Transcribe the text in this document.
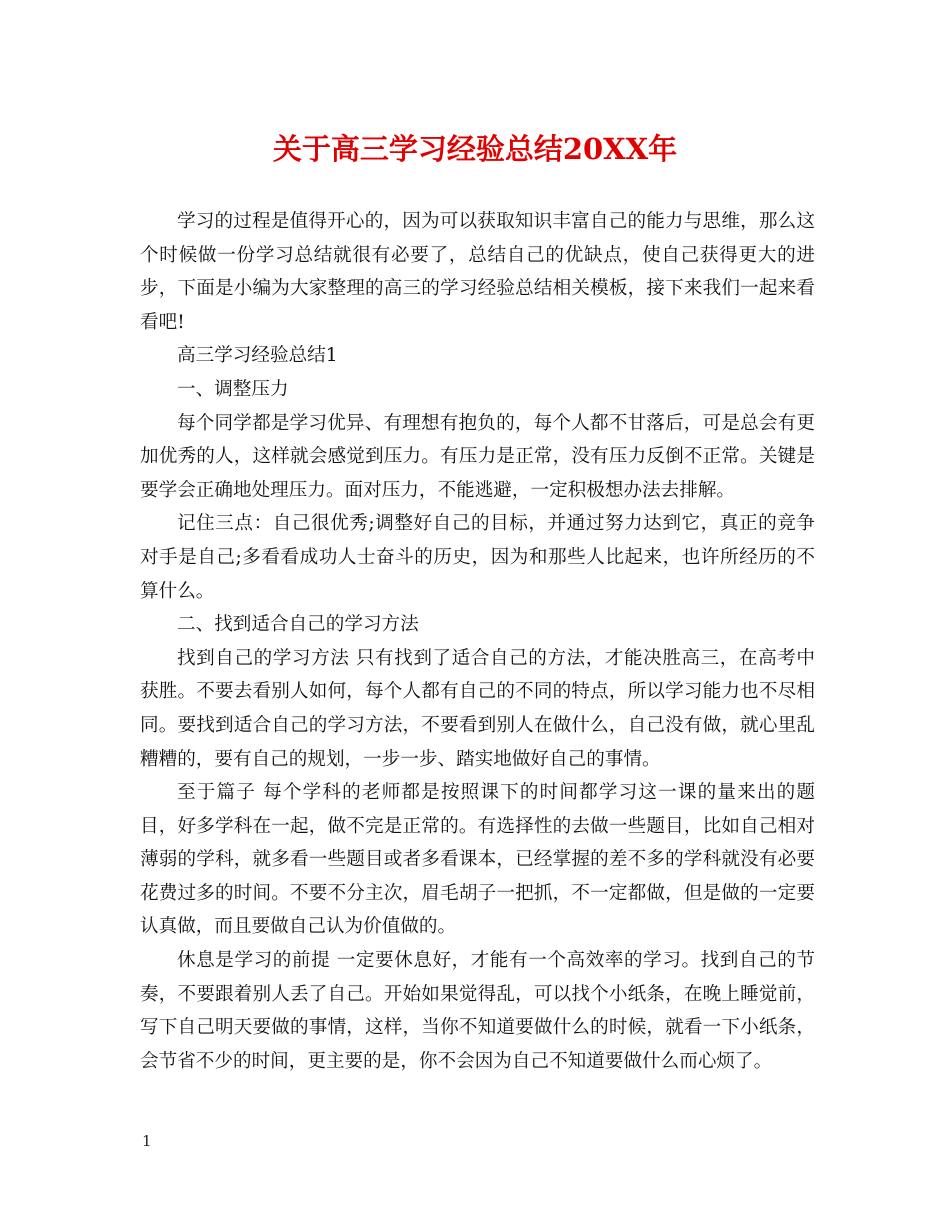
关于高三学习经验总结20XX年

学习的过程是值得开心的，因为可以获取知识丰富自己的能力与思维，那么这个时候做一份学习总结就很有必要了，总结自己的优缺点，使自己获得更大的进步，下面是小编为大家整理的高三的学习经验总结相关模板，接下来我们一起来看看吧!

高三学习经验总结1

一、调整压力

每个同学都是学习优异、有理想有抱负的，每个人都不甘落后，可是总会有更加优秀的人，这样就会感觉到压力。有压力是正常，没有压力反倒不正常。关键是要学会正确地处理压力。面对压力，不能逃避，一定积极想办法去排解。

记住三点：自己很优秀;调整好自己的目标，并通过努力达到它，真正的竞争对手是自己;多看看成功人士奋斗的历史，因为和那些人比起来，也许所经历的不算什么。

二、找到适合自己的学习方法

找到自己的学习方法 只有找到了适合自己的方法，才能决胜高三，在高考中获胜。不要去看别人如何，每个人都有自己的不同的特点，所以学习能力也不尽相同。要找到适合自己的学习方法，不要看到别人在做什么，自己没有做，就心里乱糟糟的，要有自己的规划，一步一步、踏实地做好自己的事情。

至于篇子 每个学科的老师都是按照课下的时间都学习这一课的量来出的题目，好多学科在一起，做不完是正常的。有选择性的去做一些题目，比如自己相对薄弱的学科，就多看一些题目或者多看课本，已经掌握的差不多的学科就没有必要花费过多的时间。不要不分主次，眉毛胡子一把抓，不一定都做，但是做的一定要认真做，而且要做自己认为价值做的。

休息是学习的前提 一定要休息好，才能有一个高效率的学习。找到自己的节奏，不要跟着别人丢了自己。开始如果觉得乱，可以找个小纸条，在晚上睡觉前，写下自己明天要做的事情，这样，当你不知道要做什么的时候，就看一下小纸条，会节省不少的时间，更主要的是，你不会因为自己不知道要做什么而心烦了。

1
